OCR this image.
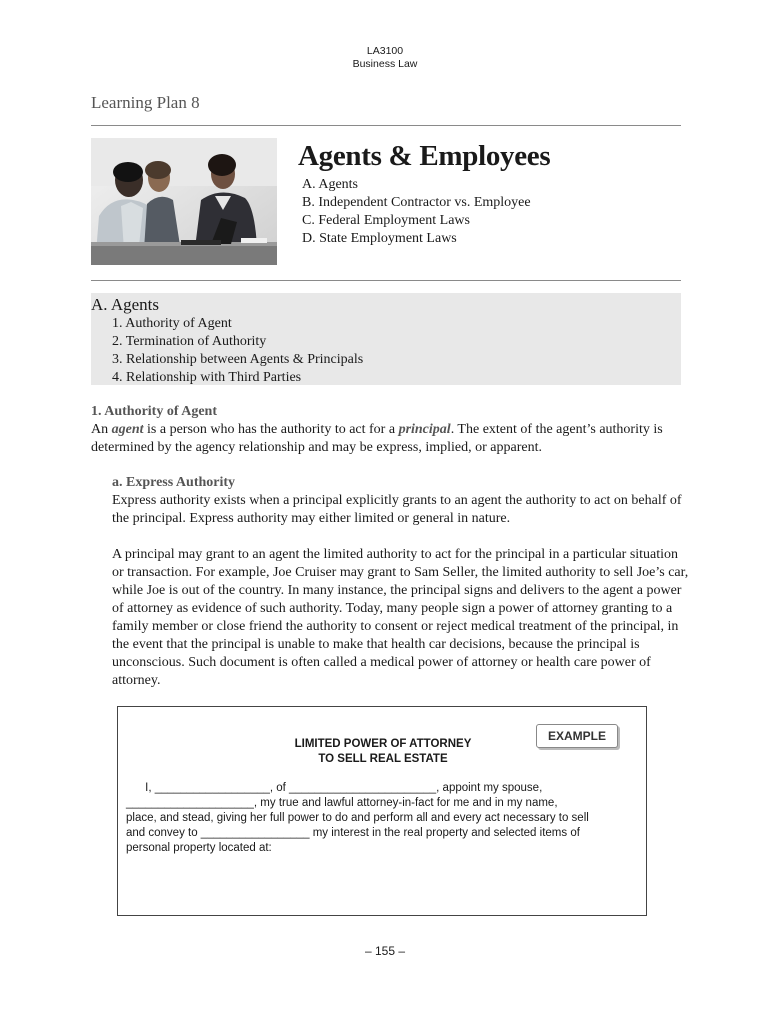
LA3100
Business Law
Learning Plan 8
Agents & Employees
A. Agents
B. Independent Contractor vs. Employee
C. Federal Employment Laws
D. State Employment Laws
A. Agents
1. Authority of Agent
2. Termination of Authority
3. Relationship between Agents & Principals
4. Relationship with Third Parties
1. Authority of Agent
An agent is a person who has the authority to act for a principal. The extent of the agent’s authority is determined by the agency relationship and may be express, implied, or apparent.
a. Express Authority
Express authority exists when a principal explicitly grants to an agent the authority to act on behalf of the principal. Express authority may either limited or general in nature.
A principal may grant to an agent the limited authority to act for the principal in a particular situation or transaction. For example, Joe Cruiser may grant to Sam Seller, the limited authority to sell Joe’s car, while Joe is out of the country. In many instance, the principal signs and delivers to the agent a power of attorney as evidence of such authority. Today, many people sign a power of attorney granting to a family member or close friend the authority to consent or reject medical treatment of the principal, in the event that the principal is unable to make that health car decisions, because the principal is unconscious. Such document is often called a medical power of attorney or health care power of attorney.
EXAMPLE
LIMITED POWER OF ATTORNEY
TO SELL REAL ESTATE
I, __________________, of _______________________, appoint my spouse,
____________________, my true and lawful attorney-in-fact for me and in my name,
place, and stead, giving her full power to do and perform all and every act necessary to sell
and convey to _________________ my interest in the real property and selected items of
personal property located at:
– 155 –
